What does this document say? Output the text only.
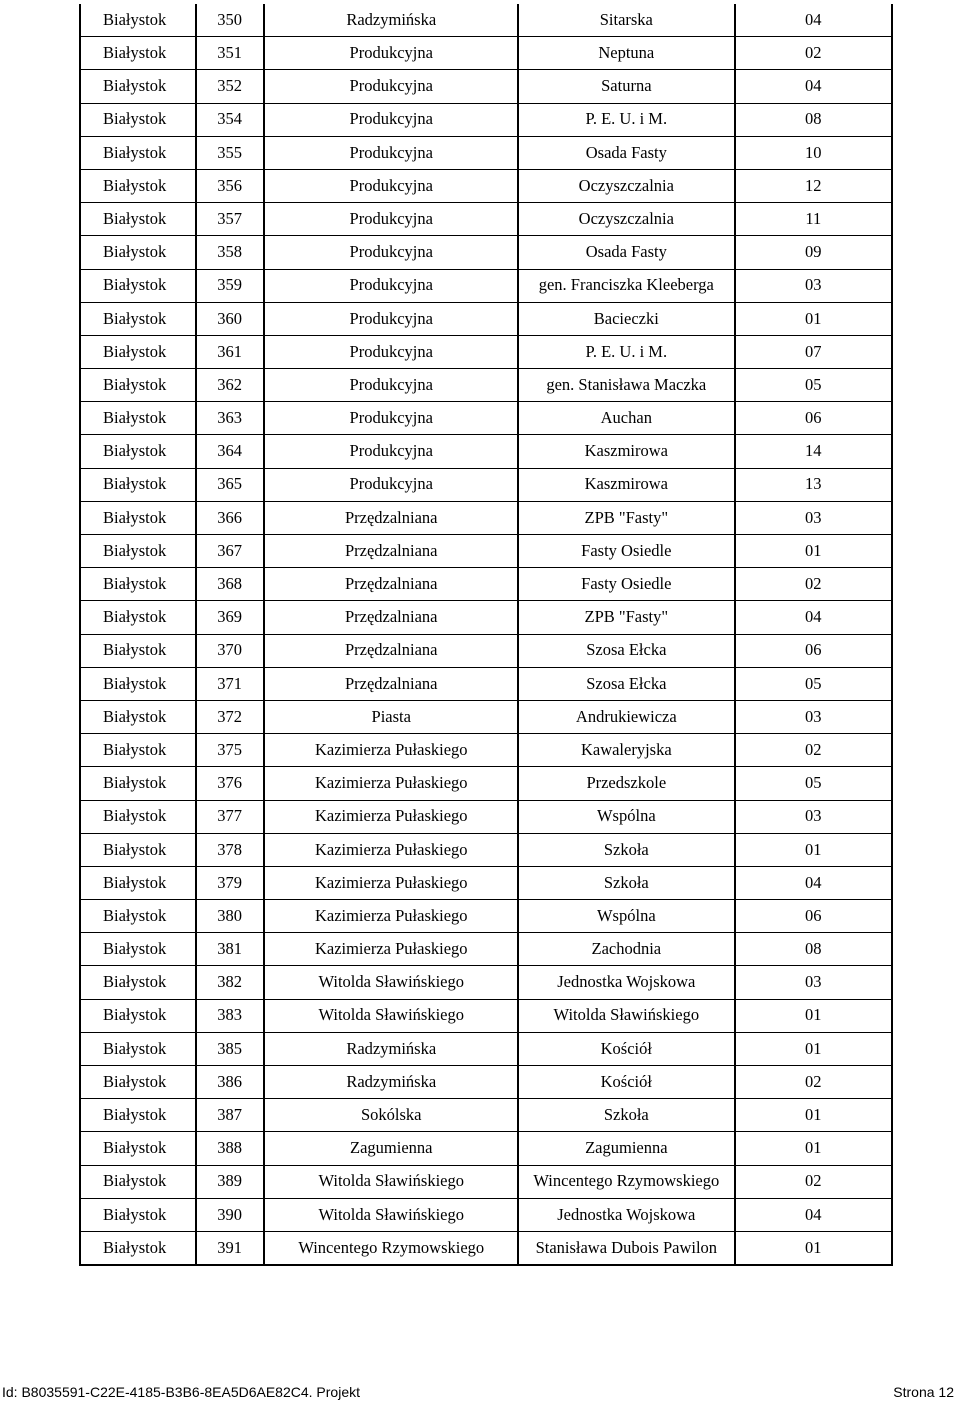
Białystok	350	Radzymińska	Sitarska	04
Białystok	351	Produkcyjna	Neptuna	02
Białystok	352	Produkcyjna	Saturna	04
Białystok	354	Produkcyjna	P. E. U. i M.	08
Białystok	355	Produkcyjna	Osada Fasty	10
Białystok	356	Produkcyjna	Oczyszczalnia	12
Białystok	357	Produkcyjna	Oczyszczalnia	11
Białystok	358	Produkcyjna	Osada Fasty	09
Białystok	359	Produkcyjna	gen. Franciszka Kleeberga	03
Białystok	360	Produkcyjna	Bacieczki	01
Białystok	361	Produkcyjna	P. E. U. i M.	07
Białystok	362	Produkcyjna	gen. Stanisława Maczka	05
Białystok	363	Produkcyjna	Auchan	06
Białystok	364	Produkcyjna	Kaszmirowa	14
Białystok	365	Produkcyjna	Kaszmirowa	13
Białystok	366	Przędzalniana	ZPB "Fasty"	03
Białystok	367	Przędzalniana	Fasty Osiedle	01
Białystok	368	Przędzalniana	Fasty Osiedle	02
Białystok	369	Przędzalniana	ZPB "Fasty"	04
Białystok	370	Przędzalniana	Szosa Ełcka	06
Białystok	371	Przędzalniana	Szosa Ełcka	05
Białystok	372	Piasta	Andrukiewicza	03
Białystok	375	Kazimierza Pułaskiego	Kawaleryjska	02
Białystok	376	Kazimierza Pułaskiego	Przedszkole	05
Białystok	377	Kazimierza Pułaskiego	Wspólna	03
Białystok	378	Kazimierza Pułaskiego	Szkoła	01
Białystok	379	Kazimierza Pułaskiego	Szkoła	04
Białystok	380	Kazimierza Pułaskiego	Wspólna	06
Białystok	381	Kazimierza Pułaskiego	Zachodnia	08
Białystok	382	Witolda Sławińskiego	Jednostka Wojskowa	03
Białystok	383	Witolda Sławińskiego	Witolda Sławińskiego	01
Białystok	385	Radzymińska	Kościół	01
Białystok	386	Radzymińska	Kościół	02
Białystok	387	Sokólska	Szkoła	01
Białystok	388	Zagumienna	Zagumienna	01
Białystok	389	Witolda Sławińskiego	Wincentego Rzymowskiego	02
Białystok	390	Witolda Sławińskiego	Jednostka Wojskowa	04
Białystok	391	Wincentego Rzymowskiego	Stanisława Dubois Pawilon	01
Id: B8035591-C22E-4185-B3B6-8EA5D6AE82C4. Projekt	Strona 12
